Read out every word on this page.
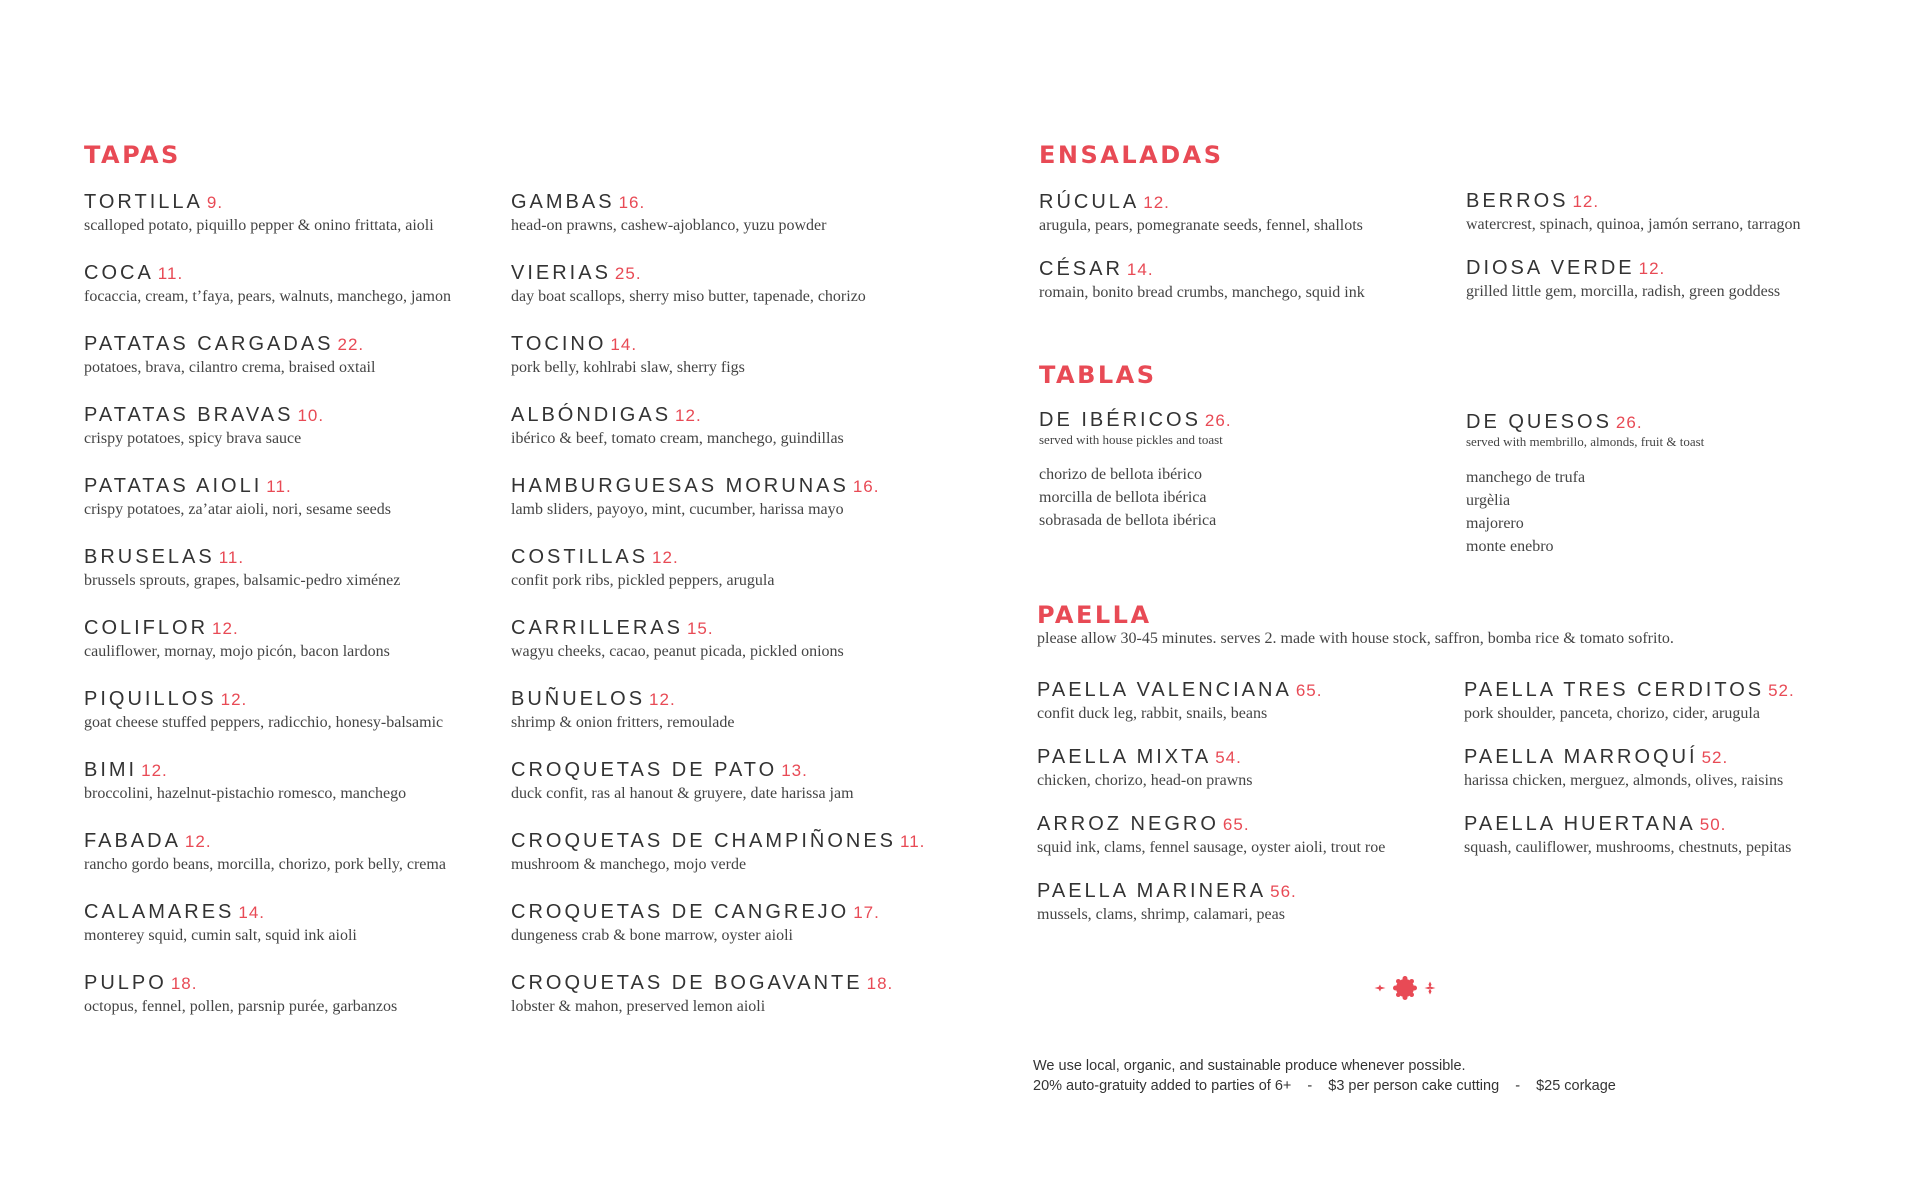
TAPAS
TORTILLA 9.
scalloped potato, piquillo pepper & onino frittata, aioli
COCA 11.
focaccia, cream, t’faya, pears, walnuts, manchego, jamon
PATATAS CARGADAS 22.
potatoes, brava, cilantro crema, braised oxtail
PATATAS BRAVAS 10.
crispy potatoes, spicy brava sauce
PATATAS AIOLI 11.
crispy potatoes, za’atar aioli, nori, sesame seeds
BRUSELAS 11.
brussels sprouts, grapes, balsamic-pedro ximénez
COLIFLOR 12.
cauliflower, mornay, mojo picón, bacon lardons
PIQUILLOS 12.
goat cheese stuffed peppers, radicchio, honesy-balsamic
BIMI 12.
broccolini, hazelnut-pistachio romesco, manchego
FABADA 12.
rancho gordo beans, morcilla, chorizo, pork belly, crema
CALAMARES 14.
monterey squid, cumin salt, squid ink aioli
PULPO 18.
octopus, fennel, pollen, parsnip purée, garbanzos
GAMBAS 16.
head-on prawns, cashew-ajoblanco, yuzu powder
VIERIAS 25.
day boat scallops, sherry miso butter, tapenade, chorizo
TOCINO 14.
pork belly, kohlrabi slaw, sherry figs
ALBÓNDIGAS 12.
ibérico & beef, tomato cream, manchego, guindillas
HAMBURGUESAS MORUNAS 16.
lamb sliders, payoyo, mint, cucumber, harissa mayo
COSTILLAS 12.
confit pork ribs, pickled peppers, arugula
CARRILLERAS 15.
wagyu cheeks, cacao, peanut picada, pickled onions
BUÑUELOS 12.
shrimp & onion fritters, remoulade
CROQUETAS DE PATO 13.
duck confit, ras al hanout & gruyere, date harissa jam
CROQUETAS DE CHAMPIÑONES 11.
mushroom & manchego, mojo verde
CROQUETAS DE CANGREJO 17.
dungeness crab & bone marrow, oyster aioli
CROQUETAS DE BOGAVANTE 18.
lobster & mahon, preserved lemon aioli
ENSALADAS
RÚCULA 12.
arugula, pears, pomegranate seeds, fennel, shallots
CÉSAR 14.
romain, bonito bread crumbs, manchego, squid ink
BERROS 12.
watercrest, spinach, quinoa, jamón serrano, tarragon
DIOSA VERDE 12.
grilled little gem, morcilla, radish, green goddess
TABLAS
DE IBÉRICOS 26.
served with house pickles and toast
chorizo de bellota ibérico
morcilla de bellota ibérica
sobrasada de bellota ibérica
DE QUESOS 26.
served with membrillo, almonds, fruit & toast
manchego de trufa
urgèlia
majorero
monte enebro
PAELLA
please allow 30-45 minutes. serves 2. made with house stock, saffron, bomba rice & tomato sofrito.
PAELLA VALENCIANA 65.
confit duck leg, rabbit, snails, beans
PAELLA MIXTA 54.
chicken, chorizo, head-on prawns
ARROZ NEGRO 65.
squid ink, clams, fennel sausage, oyster aioli, trout roe
PAELLA MARINERA 56.
mussels, clams, shrimp, calamari, peas
PAELLA TRES CERDITOS 52.
pork shoulder, panceta, chorizo, cider, arugula
PAELLA MARROQUÍ 52.
harissa chicken, merguez, almonds, olives, raisins
PAELLA HUERTANA 50.
squash, cauliflower, mushrooms, chestnuts, pepitas
We use local, organic, and sustainable produce whenever possible.
20% auto-gratuity added to parties of 6+ - $3 per person cake cutting - $25 corkage
